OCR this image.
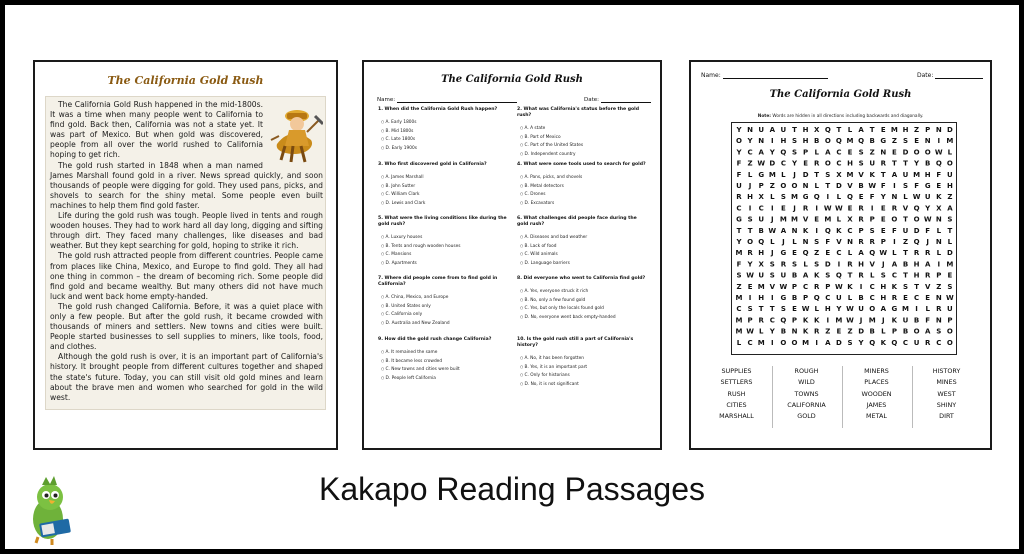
The California Gold Rush

The California Gold Rush happened in the mid-1800s. It was a time when many people went to California to find gold. Back then, California was not a state yet. It was part of Mexico. But when gold was discovered, people from all over the world rushed to California hoping to get rich.

The gold rush started in 1848 when a man named James Marshall found gold in a river. News spread quickly, and soon thousands of people were digging for gold. They used pans, picks, and shovels to search for the shiny metal. Some people even built machines to help them find gold faster.

Life during the gold rush was tough. People lived in tents and rough wooden houses. They had to work hard all day long, digging and sifting through dirt. They faced many challenges, like diseases and bad weather. But they kept searching for gold, hoping to strike it rich.

The gold rush attracted people from different countries. People came from places like China, Mexico, and Europe to find gold. They all had one thing in common – the dream of becoming rich. Some people did find gold and became wealthy. But many others did not have much luck and went back home empty-handed.

The gold rush changed California. Before, it was a quiet place with only a few people. But after the gold rush, it became crowded with thousands of miners and settlers. New towns and cities were built. People started businesses to sell supplies to miners, like tools, food, and clothes.

Although the gold rush is over, it is an important part of California's history. It brought people from different cultures together and shaped the state's future. Today, you can still visit old gold mines and learn about the brave men and women who searched for gold in the wild west.

The California Gold Rush
Name:	Date:
1. When did the California Gold Rush happen?
○ A. Early 1800s
○ B. Mid 1800s
○ C. Late 1800s
○ D. Early 1900s
3. Who first discovered gold in California?
○ A. James Marshall
○ B. John Sutter
○ C. William Clark
○ D. Lewis and Clark
5. What were the living conditions like during the gold rush?
○ A. Luxury houses
○ B. Tents and rough wooden houses
○ C. Mansions
○ D. Apartments
7. Where did people come from to find gold in California?
○ A. China, Mexico, and Europe
○ B. United States only
○ C. California only
○ D. Australia and New Zealand
9. How did the gold rush change California?
○ A. It remained the same
○ B. It became less crowded
○ C. New towns and cities were built
○ D. People left California
2. What was California's status before the gold rush?
○ A. A state
○ B. Part of Mexico
○ C. Part of the United States
○ D. Independent country
4. What were some tools used to search for gold?
○ A. Pans, picks, and shovels
○ B. Metal detectors
○ C. Drones
○ D. Excavators
6. What challenges did people face during the gold rush?
○ A. Diseases and bad weather
○ B. Lack of food
○ C. Wild animals
○ D. Language barriers
8. Did everyone who went to California find gold?
○ A. Yes, everyone struck it rich
○ B. No, only a few found gold
○ C. Yes, but only the locals found gold
○ D. No, everyone went back empty-handed
10. Is the gold rush still a part of California's history?
○ A. No, it has been forgotten
○ B. Yes, it is an important part
○ C. Only for historians
○ D. No, it is not significant
Name:	Date:
The California Gold Rush
Note: Words are hidden in all directions including backwards and diagonally.
Y N U A U T H X Q T L A T E M H Z P N D
O Y N I H S H B O Q M Q B G Z S E N I M
Y C A Y Q S P L A C E S Z N E D O O W L
F Z W D C Y E R O C H S U R T T Y B Q O
F L G M L J D T S X M V K T A U M H F U
U J P Z O O N L T D V B W F I S F G E H
R H X L S M G Q I L Q E F Y N L W U K Z
C I C I E J R I W W E R I E R V Q Y X A
G S U J M M V E M L X R P E O T O W N S
T T B W A N K I Q K C P S E F U D F L T
Y O Q L J L N S F V N R R P I Z Q J N L
M R H J G E Q Z E C L A Q W L T R R L D
F Y X S R S L S D I R H V J A B H A I M
S W U S U B A K S Q T R L S C T H R P E
Z E M V W P C R P W K I C H K S T V Z S
M I H I G B P Q C U L B C H R E C E N W
C S T T S E W L H Y W U O A G M I L R U
M P R C Q P K K I M W J M J K U B F N P
M W L Y B N K R Z E Z D B L P B O A S O
L C M I O O M I A D S Y Q K Q C U R C O
SUPPLIES
SETTLERS
RUSH
CITIES
MARSHALL
ROUGH
WILD
TOWNS
CALIFORNIA
GOLD
MINERS
PLACES
WOODEN
JAMES
METAL
HISTORY
MINES
WEST
SHINY
DIRT
Kakapo Reading Passages
